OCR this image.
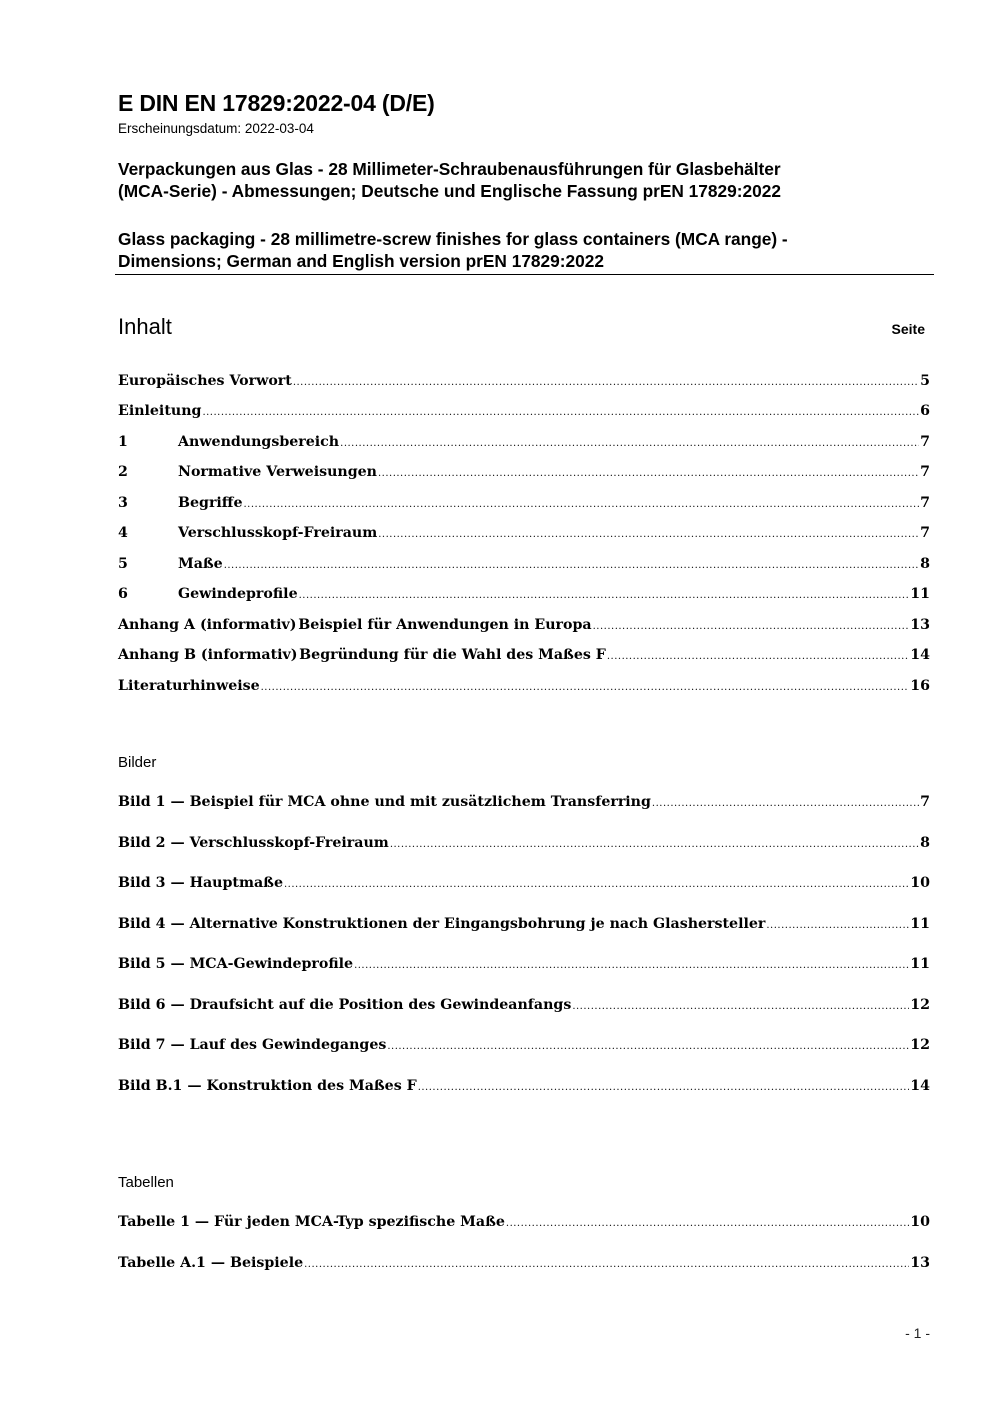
E DIN EN 17829:2022-04 (D/E)
Erscheinungsdatum: 2022-03-04
Verpackungen aus Glas - 28 Millimeter-Schraubenausführungen für Glasbehälter
(MCA-Serie) - Abmessungen; Deutsche und Englische Fassung prEN 17829:2022
Glass packaging - 28 millimetre-screw finishes for glass containers (MCA range) -
Dimensions; German and English version prEN 17829:2022
Inhalt	Seite
Europäisches Vorwort .....	5
Einleitung .....	6
1	Anwendungsbereich .....	7
2	Normative Verweisungen .....	7
3	Begriffe .....	7
4	Verschlusskopf-Freiraum .....	7
5	Maße .....	8
6	Gewindeprofile .....	11
Anhang A (informativ) Beispiel für Anwendungen in Europa .....	13
Anhang B (informativ) Begründung für die Wahl des Maßes F .....	14
Literaturhinweise .....	16
Bilder
Bild 1 — Beispiel für MCA ohne und mit zusätzlichem Transferring .....	7
Bild 2 — Verschlusskopf-Freiraum .....	8
Bild 3 — Hauptmaße .....	10
Bild 4 — Alternative Konstruktionen der Eingangsbohrung je nach Glashersteller .....	11
Bild 5 — MCA-Gewindeprofile .....	11
Bild 6 — Draufsicht auf die Position des Gewindeanfangs .....	12
Bild 7 — Lauf des Gewindeganges .....	12
Bild B.1 — Konstruktion des Maßes F .....	14
Tabellen
Tabelle 1 — Für jeden MCA-Typ spezifische Maße .....	10
Tabelle A.1 — Beispiele .....	13
- 1 -
